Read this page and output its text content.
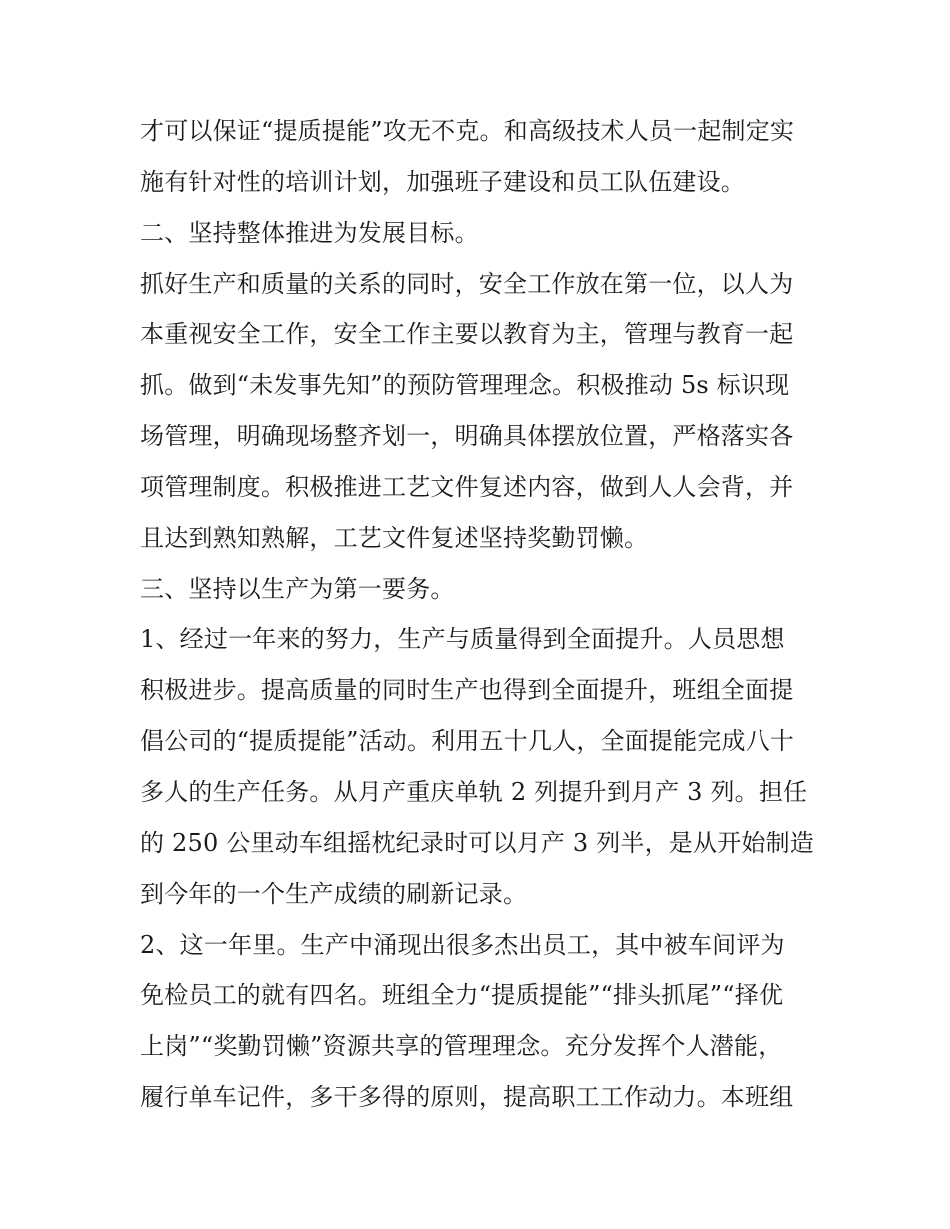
才可以保证“提质提能”攻无不克。和高级技术人员一起制定实
施有针对性的培训计划，加强班子建设和员工队伍建设。
二、坚持整体推进为发展目标。
抓好生产和质量的关系的同时，安全工作放在第一位，以人为
本重视安全工作，安全工作主要以教育为主，管理与教育一起
抓。做到“未发事先知”的预防管理理念。积极推动 5s 标识现
场管理，明确现场整齐划一，明确具体摆放位置，严格落实各
项管理制度。积极推进工艺文件复述内容，做到人人会背，并
且达到熟知熟解，工艺文件复述坚持奖勤罚懒。
三、坚持以生产为第一要务。
1、经过一年来的努力，生产与质量得到全面提升。人员思想
积极进步。提高质量的同时生产也得到全面提升，班组全面提
倡公司的“提质提能”活动。利用五十几人，全面提能完成八十
多人的生产任务。从月产重庆单轨 2 列提升到月产 3 列。担任
的 250 公里动车组摇枕纪录时可以月产 3 列半，是从开始制造
到今年的一个生产成绩的刷新记录。
2、这一年里。生产中涌现出很多杰出员工，其中被车间评为
免检员工的就有四名。班组全力“提质提能”“排头抓尾”“择优
上岗”“奖勤罚懒”资源共享的管理理念。充分发挥个人潜能，
履行单车记件，多干多得的原则，提高职工工作动力。本班组
